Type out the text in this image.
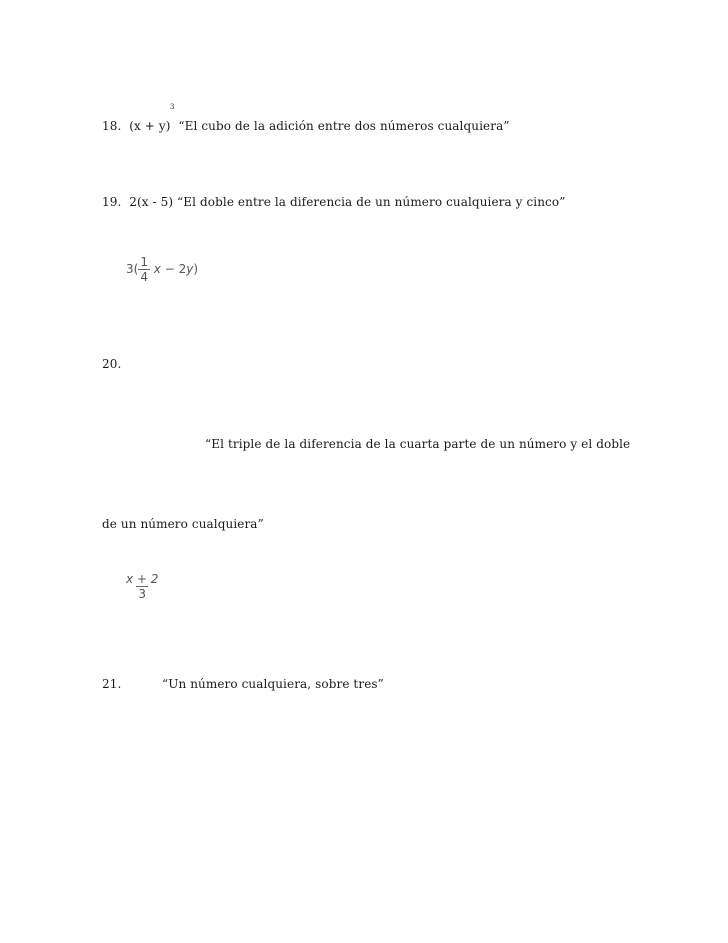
3
18. (x + y) “El cubo de la adición entre dos números cualquiera”
19. 2(x - 5) “El doble entre la diferencia de un número cualquiera y cinco”
$3( \frac{1}{4}$ x − 2y)
20.
“El triple de la diferencia de la cuarta parte de un número y el doble
de un número cualquiera”
$\frac{x + 2}{3}$
21.	“Un número cualquiera, sobre tres”
